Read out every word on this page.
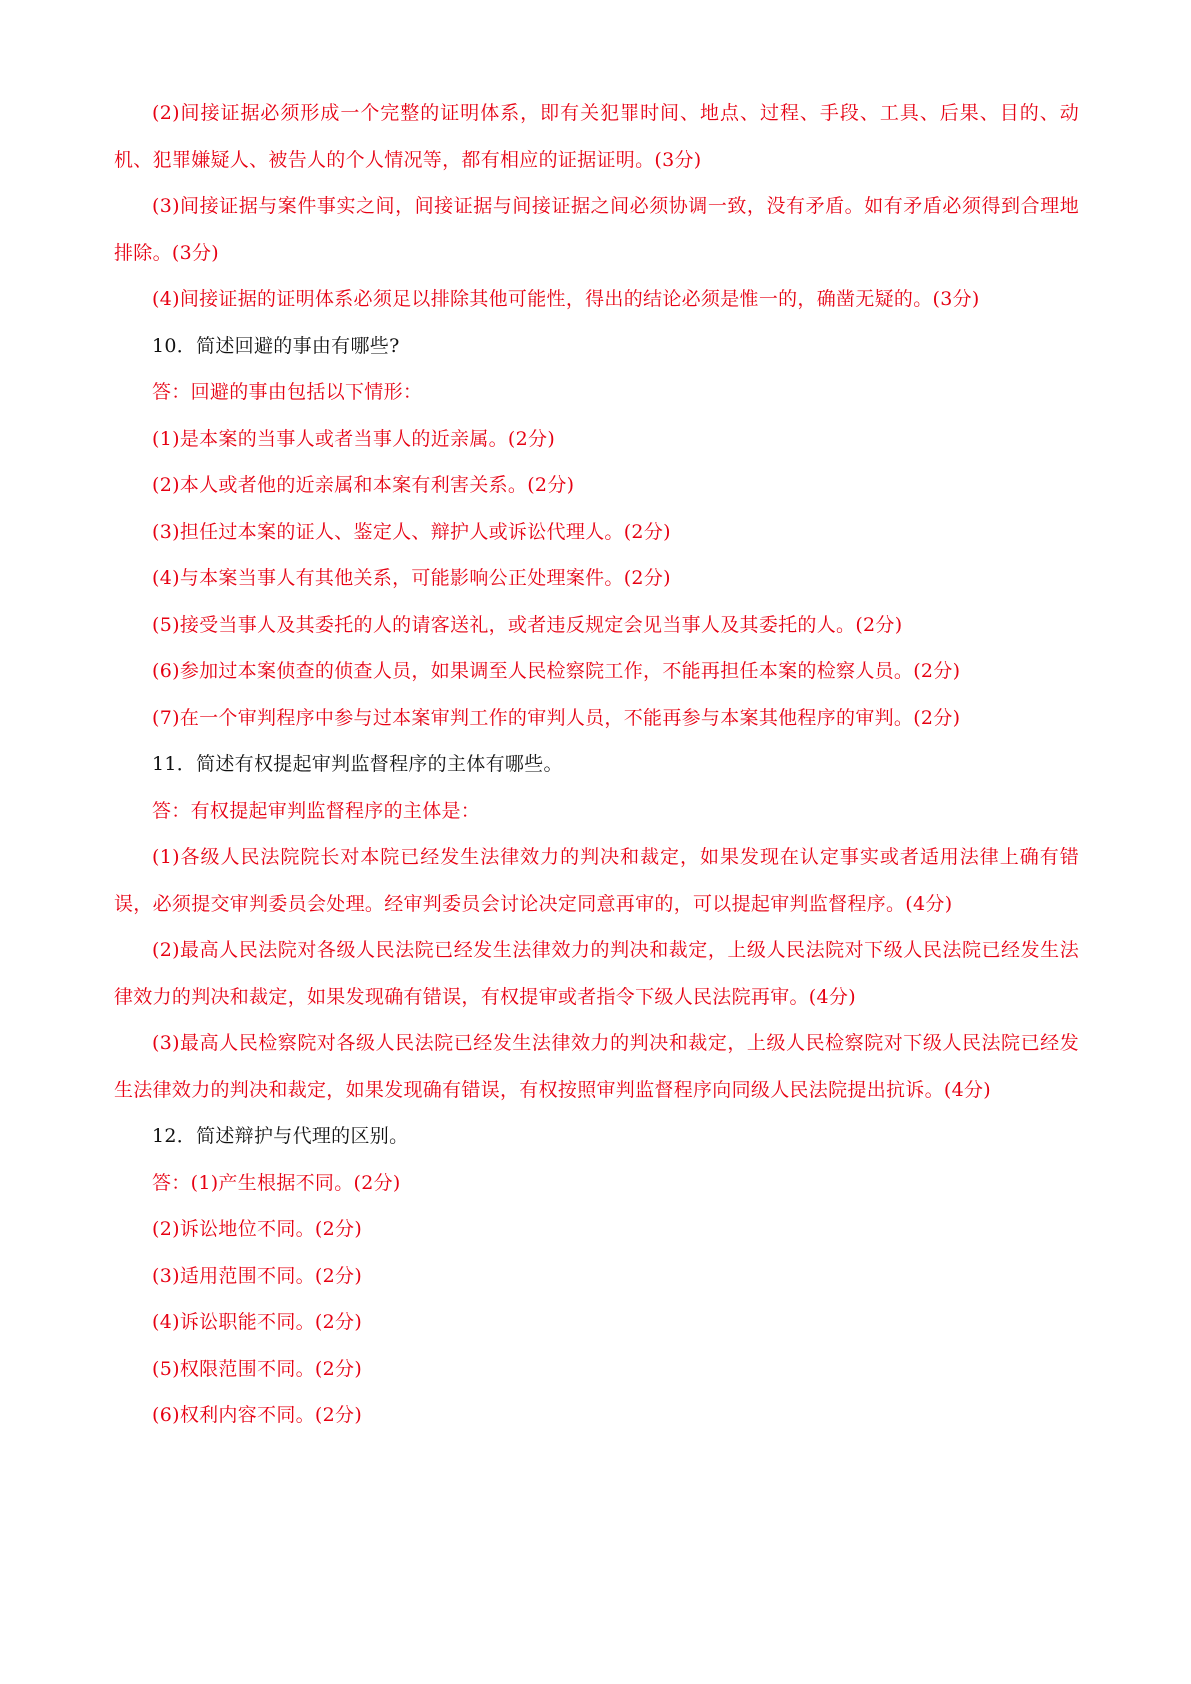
(2)间接证据必须形成一个完整的证明体系，即有关犯罪时间、地点、过程、手段、工具、后果、目的、动机、犯罪嫌疑人、被告人的个人情况等，都有相应的证据证明。(3分)

(3)间接证据与案件事实之间，间接证据与间接证据之间必须协调一致，没有矛盾。如有矛盾必须得到合理地排除。(3分)

(4)间接证据的证明体系必须足以排除其他可能性，得出的结论必须是惟一的，确凿无疑的。(3分)

10．简述回避的事由有哪些?

答：回避的事由包括以下情形：

(1)是本案的当事人或者当事人的近亲属。(2分)

(2)本人或者他的近亲属和本案有利害关系。(2分)

(3)担任过本案的证人、鉴定人、辩护人或诉讼代理人。(2分)

(4)与本案当事人有其他关系，可能影响公正处理案件。(2分)

(5)接受当事人及其委托的人的请客送礼，或者违反规定会见当事人及其委托的人。(2分)

(6)参加过本案侦查的侦查人员，如果调至人民检察院工作，不能再担任本案的检察人员。(2分)

(7)在一个审判程序中参与过本案审判工作的审判人员，不能再参与本案其他程序的审判。(2分)

11．简述有权提起审判监督程序的主体有哪些。

答：有权提起审判监督程序的主体是：

(1)各级人民法院院长对本院已经发生法律效力的判决和裁定，如果发现在认定事实或者适用法律上确有错误，必须提交审判委员会处理。经审判委员会讨论决定同意再审的，可以提起审判监督程序。(4分)

(2)最高人民法院对各级人民法院已经发生法律效力的判决和裁定，上级人民法院对下级人民法院已经发生法律效力的判决和裁定，如果发现确有错误，有权提审或者指令下级人民法院再审。(4分)

(3)最高人民检察院对各级人民法院已经发生法律效力的判决和裁定，上级人民检察院对下级人民法院已经发生法律效力的判决和裁定，如果发现确有错误，有权按照审判监督程序向同级人民法院提出抗诉。(4分)

12．简述辩护与代理的区别。

答：(1)产生根据不同。(2分)

(2)诉讼地位不同。(2分)

(3)适用范围不同。(2分)

(4)诉讼职能不同。(2分)

(5)权限范围不同。(2分)

(6)权利内容不同。(2分)
